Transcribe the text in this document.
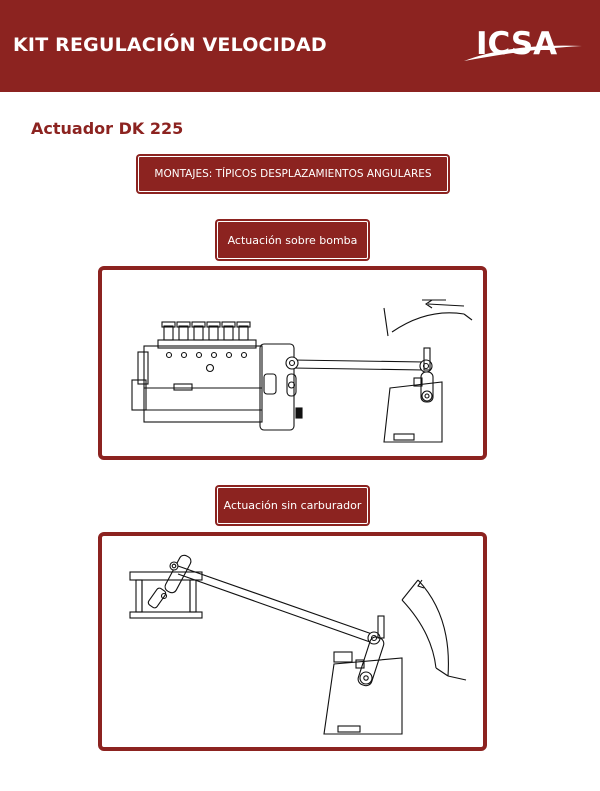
KIT REGULACIÓN VELOCIDAD	ICSA
Actuador DK 225
MONTAJES: TÍPICOS DESPLAZAMIENTOS ANGULARES
Actuación sobre bomba
Actuación sin carburador
